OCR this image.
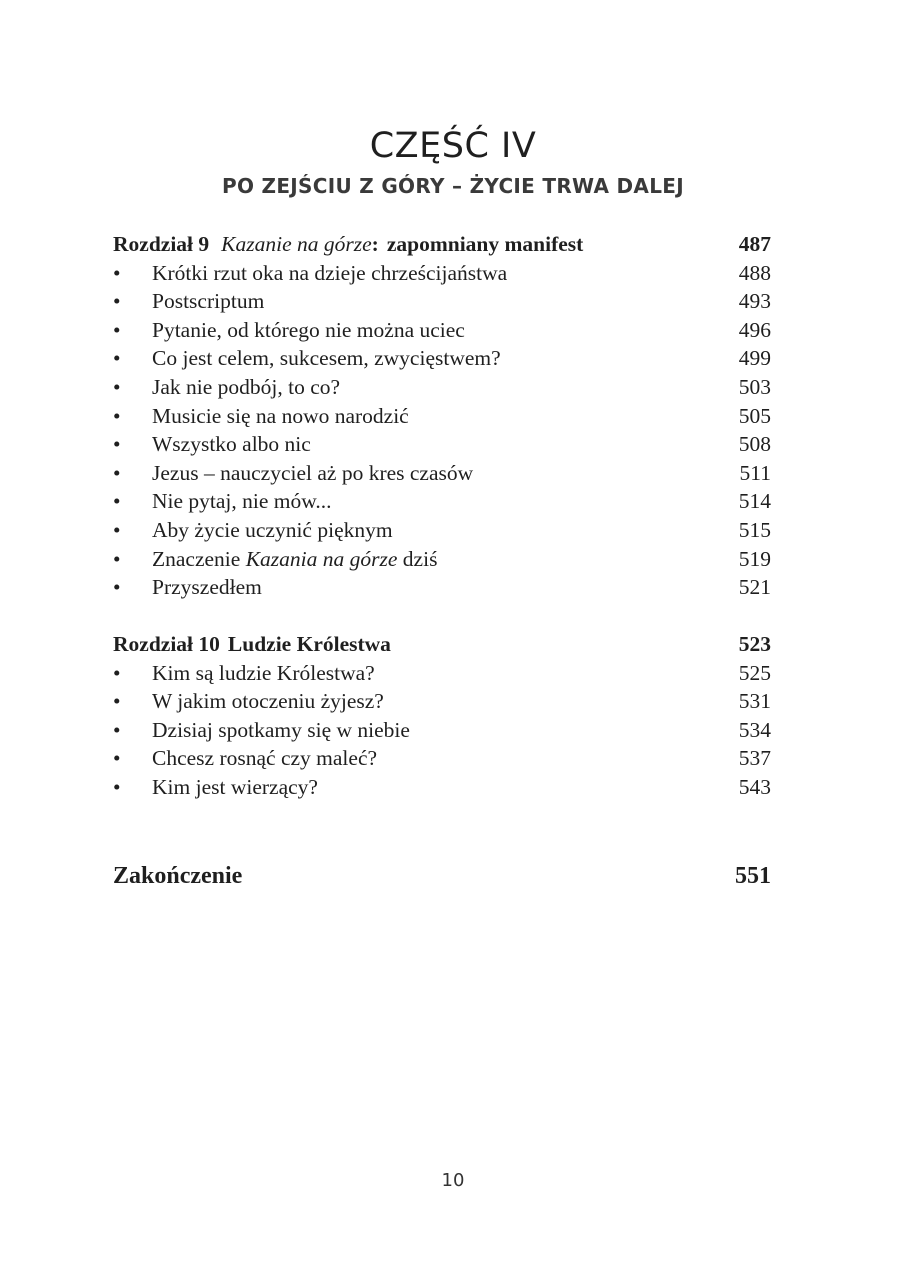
CZĘŚĆ IV
PO ZEJŚCIU Z GÓRY – ŻYCIE TRWA DALEJ
Rozdział 9 Kazanie na górze: zapomniany manifest	487
• Krótki rzut oka na dzieje chrześcijaństwa	488
• Postscriptum	493
• Pytanie, od którego nie można uciec	496
• Co jest celem, sukcesem, zwycięstwem?	499
• Jak nie podbój, to co?	503
• Musicie się na nowo narodzić	505
• Wszystko albo nic	508
• Jezus – nauczyciel aż po kres czasów	511
• Nie pytaj, nie mów...	514
• Aby życie uczynić pięknym	515
• Znaczenie Kazania na górze dziś	519
• Przyszedłem	521
Rozdział 10 Ludzie Królestwa	523
• Kim są ludzie Królestwa?	525
• W jakim otoczeniu żyjesz?	531
• Dzisiaj spotkamy się w niebie	534
• Chcesz rosnąć czy maleć?	537
• Kim jest wierzący?	543
Zakończenie	551
10
